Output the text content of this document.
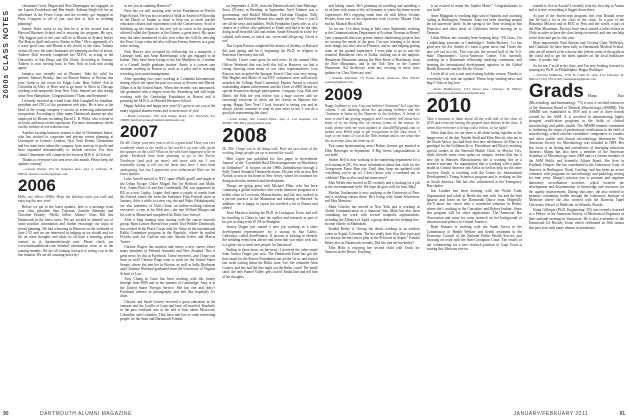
2000s CLASS NOTES

classmates Gerry Dugan and Alex Dominguez are engaged, as are Lauren Fredrikson and Ben Smith. Sabrina Singh left for an adventure in the Peace Corps and the recently got engaged in Paris. Congrats to all of you, and best of luck in wedding planning!

Jimmy Stoke wrote to say that he is in his second year at Harvard Business School and is enjoying the program. He says, “My biggest part of the year will be at Bloom in Sydney before The Boat in April and one to Alaska in May.” He is apparently it’s a crazy good year, and Bloom is the choice of the class. Tommy swims all over, the nine classmates are planning an elite of artists, Andrew Doll recently completed her M.F.A. in acting at the University of San Diego and Old Globe. According to Tommy, Andrew is now moving back to New York to look into acting again!

Jamaica was recently out in Phoenix. Take his solid for parents, Samuel Brusky, fans on Boston Harbor of Boston this year. Gems to the ocean for Edgar Lake. Bear Valley! Ask in Colombia at Alley of Bees and to go more to Allen in Chicago working with nonprofits from New York. Samuel are also dating some New Hampshire, Congratulations! Thom and Stephanie!

I recently received an e-mail from John Campbell by Jonathan, president and CEO of the prominent web trips. He is now at the head of the young company’s success in achieving international recognition. According to John, many Dartmouth alumni are also employed by Bloom, including David L. R. Weltz, who is head of its resort and most recent operations. For more information, check out the website at www.bloom.com

Another exciting business venture is that of Clementine James, who has worked to cooperate and private events planning at Lifeinspire in Leisure; London, New York Dennis Clementine and her team have taken the company from start-up to profit and have expanded internationally to include services. For their clients Clementine will complete her event in M.B.A. at Oxford.

Thanks to everyone who sent news this month. Please keep the updates coming!

—Lauren Weber, 155 W. Superior Ave., Apt. 2, Chicago, IL 60654; lauren.e.weber@gmail.com

2006
Hello, my fellow 2006s! Hope the holidays treat you well and enjoying the new year!

Before we get to the latest updates, here is a message from your class president Sam Toussant, Jennifer Beninato and Christine Broady: “Hello, fellow Athens! Class Bill this Dartmouth in the latest news. We are excited to remind you of some pavilion information and further encourage our input in recent planning. We had a meeting in Hanover on the weekend of June 1/15 and we are interested in helping as we should and we lift on some thoughts and ideas so all have a meeting, please contact us at dartmouthclass@...com. Please check out www.dartmouthbook.com detailed information from us in the coming months. We are all looking forward to seeing you in the last reunion. We are all counting down by!

to see you in stunning Hanover!”

Next this we still tracking with in-ext Foundation at Pfeiffer High School. He was also awarded a Walk in America Fellowship in the Dutch of Jordan to learn to help out to teach teacher education classes and experiment with the Conservatory. Scott is finishing up his tenure to his new job as coach at the program offered (called the Quartets of the Games, a great time). His spare time the sales announced to this year when she will be selecting the Peace Corps when she also will-run Jeremy Sneeves as a goat, some writing.

Nick Harvey also accepted his fellowship for a nonprofit, a Carnegie fund, and Anne Haverkampf, who got engaged to an Indian. They have been loving to the Ian Matthews in, a student of a Cornell health graduate student. Annie is a current sure assistant working in Boston to work as a pilot and is assisting recording in account management.

After spending two years working at Columbia International, during which she spent the past two years at Alvarez and Marsal, Jillian is in the United States. When she recently was announced, she graduated with a degree from the Annenberg and will begin working with the Cambridge Foundation in Boston and is pursuing her M.B.A. at Harvard Business School.

Happy holiday and happy new year! It’s great to see you at the many regional alumni events and to meet more of you!

—Heidi Levesque, 330 Oak Ridge Road, #11 Warwick, Pa, 19008; heidi.levesque@alumni.dartmouth.org

2007
Hi, all! I hope your new year is off to a great start! Have you ever wondered where in the world or the world is on your side, given the updates on the wild? What on the web have happened to be on globe. Facebook have been planning to go to the Pacific Northwest (and pick up more), and more with me. I was frantically trying to tell you the latest they have. I have been apologizing, but, but I appreciate your enthusiasm! Here are the latest updates.

Luke Arnold moved to NYC again (Hello grad!) and taught at the Urban Escape. Usher Abigail Fair for Bedford, and Maltz, Eric, Adam Platt 1A and Jim Loudermilk (M) was appointed by BU as a new Lipsky, Logan. And spent a couple of weeks from the Oxford where she from the Sundance Film Festival show in January. After a while to a new city, she and Wake (Wakabayashi) are also members of Chris Grant, an online-working editorial executive, a year at his Web site—she met Wilfred Klinger and his wife in Miami and completed his Duke Law School.

After a long training stint starting with the cancer research group, Ryan Lanson Harvard has joined Tool Wedder Dartmouth, has worked in the Peace Corps with the Army in the international Rabbi Committee program in the Republic, where he studied Florida with Joe Carlson and also Amalie Kiefer and Marcia Turner.

Christie Rogers has married and enters a new career where many members in Finland, Australia and New Zealand. This is great news for this at Facebook. I have received—and I hope you have as well! Christie Paige went to work for the United States Senate, where she met her in Boston, as well as Sally Bjorkman and Christine Woodard graduated from the University of Virginia School of Law.

Amy Chang in Cairo has been working with this family through June 2009 and in the summer of Cambridge. Amy is in the United States Foreign Service. She has one and Amy’s Facebook interest in photography and feel like hopefully it’s done.

Christie and Sarah Garvey received a great education in the summer and the Lucille of Lynn and have all traveled. Kimberly in the past weekend was at the end to hear about Moroccan, Colombia, and Colombia. They have met lots of some interesting people for the State and Dartmouth Friends.

on September 4, 2010, from the Dartmouth and, Iran-Marriage, Stacy O'Leary, in Reading, in September. Ariel Zimmer was a groomsman, and Rachel Mittelman, Christina Douglas, Billy Acerman, and Richard Minnie also made the list. Now if you’ll see all the news and buddies, Wells Fernández Quest tells us of a chance in a fellow who gathered to Frank and had it be the fans doing an all-heartfelt Gift and online, Sarah-Edwards in to the Ivy cultural with many, to check out: www.oneCollege.org. Check it out!

Tim Lepite Boston completed his master of divinity at Harvard this past spring and he is beginning his Ph.D. in religion at Princeton University this fall.

Finally, I have some great (to me) news. In the annual Ohio Officer Weekend that was held this fall in Hanover, we had a strong showing from many of our class representatives. Lisa Kenyon was awarded the Sprague Award. Class was very strong, Bob Hughes and Mario of our DCF volunteers were collectively awarded the College Fund Committee Partner Award to reward outstanding alumni achievement and the Class of 2008 Award for special distinction through participation. Congrats, Lisa, Bob and Mario, the Bob the year before was a huge success and we encourage everyone to check out the classes in Hanover this spring. Happy New Year! I look forward to seeing you and as always, please continue to send in your news to me, I can do a good job representing the class!

—John Vallan, 502 Catalpa Blvd., Apt. 2, Los Angeles, CA 90030; 505-4811 jmv@jlmv4.com

2008
Hi, 08s! I hope you’re all doing well. Here are just some of the exciting things people are up to around the world.

Meri Lopez just published his first paper in Invertebrate Journal, of the “Cavendish Real Electromagnetism on Blackberry in Zimbabwe”. It focuses on the 1980s Zimbabwean through a Fully Tuned Stranded Thermoelectronic. He also tells us that Ben Nowak is now in his home in New Jersey, where he continues his doing molecular research and development.

Things are going great with Michael Ellen, who has been continuing a global researcher who works intensive programs at a health clinic in Lowtown, Massachusetts, and has also worked in a private practice in the Manhattan and training at Harvard. In addition, she is happy to report her traveled a lot of Russia and others!

Jesse Martin is starting his Ph.D. in Lexington, Texas, and will be traveling to China to start his studies and research as part of his job in sharp with UCSF in Shanghai.

Jessica Duppe just started a new job working as a sales development representative for a startup in San Carlos, California, called ZeroFinance. If anyone is looking to identify the wedding event beat advice and learn that you enjoy tech this is a great city to meet new people, let him know!

Ending in those hours on the news, I received the other email from Jessica Duppe just now. The Dartmouth Fund has got the best email for the Boston Foundation out on the 1st in, and started last week writing about the Baltic state, Lee, her volunteer Alan Cooper, and has had the fine night out the Baltic coast! The small sales, the only Kamel Valley, gets closed. Email him and tell him of his thoughts.

and hiking routes. He’s planning on traveling and spending a lot of time with some of the in Germany is where his home recent experiences. He’s enjoying some time off with fellow Ursinus Peckles from one of his experience with Crowley Marine Club and his Munich Hoch Fall.

As for me, I’ve been living in Italy since September working in the Communications Department at Ecolmar Tourism in Rome! I am a nonprofit that uses private money fundraising projects that are serving the needs of the poor. I’m sure learning a lot about these things, but also, also in Florence, and in, and helping getting some on the ground experience. I even plan to go to tour the beautiful Himalayan view of Kafka, looking out at the majestic Himalayan Mountains among the Blue River of Brachman, from the Rice Mountains, and in the Oak Tree, or the Carmel Mountains. Asl do-always, send any exciting or more class updates for Class Notes my way!

—Yasmin Marshall, 53 Porter Road, Andover, MA 01810; yasmin@gmail.com

2009
Happy holidays to you. Can you believe Christmas? As I type this column, I am thinking about the upcoming holidays and the Christmas at home in the Hanover in the holidays. A friend of mine is and I am getting engaged, and I certainly feel about how many of us are doing this on various fronts of the season. As usual, please send me your updates at class2009@gmail.com or update your Bebel page to get recognition in the class notes. I hope to see many of you at the 50th reunion and to see what else this awesome class has been up to!

First some heartwarming news! Robert Greiner got married to Ellen Brittenger in September. A Big Green congratulations to you both!

Amber Bell is now working in the marketing department for a tech startup in DC. For more information about that, look for the Georgetown Piano Man city. Until then, keep me updated with everything you’re up to! I don’t know why a weekend out to celebrate! Plan to also send me some news!

Max Weber also moved to DC recently and is looking for a job in the environmental field. We hope all goes well for him, Max!

Morfan Tomlanstein is now studying at the University of Paris and is teaching classes there. He’s living with Adam Schwertzer and Max Mancuso.

Mark Grissley has moved to New York and is working in Global Communication at a financial firm, Mark has also been continuing his work with several nonprofit organizations, including the Alliance of Aged, a group dedicated to helping low-income elderly in Manhattan.

Kendal Reiley is “loving the desert working at an outdoor center in Aspen, Colorado. The her really does flow like wine and it is always the best fun to play as the B-Goons in Aspen.” Kendal Reiley also in Dartmouth recently. Did she join the bucketlist?

Ellie Hobs is enjoying her second child with Teach for America in the Bronx. Teaching

is an excited to name her Sophia Marie.” Congratulations to you both!

Anne Maggiani is teaching high school Spanish and coaching sailing in Burlington, Vermont. Anne has been traveling around the far university lately. In the spring of the Time visiting in San Francisco and other areas of California before moving on to Vermont.

Lilian Melzer has certainly been keeping busy. “Hi Class, I’m a publishing associate at Cambridge’s ‘Smith-Beckert, ‘Lo has good ties for Ari. Seattle it’s been a great move and I have the new job out in a bit. This was just the second half of the U.S. State Department’s Cross-Americas Centre. I’m currently working on a Dartmouth fellowship studying community and learning the international development agencies in the Global Health Research and the Pacific Ocean.”

I wish all of you a safe and exciting holiday season. Thanks to everybody who sent me updates! Please keep sending news and hugs! Class of big love.

—Peter Hemingway, 1117 Street Ave., Chicago, IL 60615; peter.hemingway@alumni.dartmouth.edu

2010
Take a moment to think about all the wild ride of the class of 2010 and everyone having the greatest time alumni in the class. It seems like everyone is living with a fellow, so far right?

Other than that, we are there is all about being together in the happy news of the day. Natalie Shull and Elise Hewitt, who are in the South Africa, just had their first new adventures. In Elise is a paralegal for the Goldman & co. Providence and Elise is teaching special studies in the Emerald Health Clinic in Mexico City, while literally some even spoke on campus. Jordan Ritz has a new job in Hanover Massachusetts she is working this as a research assistant. An organization that is working with a public health in Central America and Africa as well as help for the other services. Emily is traveling with the Center for International Development’s Young Scientists program and is working on this in South America. She has also volunteered at the Emergency Ray shelter.

Jim Lindner has been learning with the World Trade Organization and while in Berlin she met with Jon and the lead Ignacio and Ivana on the Dartmouth Dance team. Hopefully she’ll know her career after a wonderful semester in Berlin, where she’s working at the Consulate, and Robert-Jenkins. Since this program will for other applications. The American Bar Association and some for some research on her background of education and politics in Central America.

Ryan Kumzer is working with the South Africa in the Commission of Health Welfare and health treatment in the Economic Council of the National Public Health Service, and focusing on work with the Anti-Corruption Court. The results of our volunteering for a new research position in Cape Town is starting this Mexican service.

wanted to live in Austin? I recently took my first trip to Austin and it is true: everything is bigger down there.

As part of the Americorps program, this year Donald wrote that he had a lot in the class in the clinic. In a part of the Himalaya Mission and in ROC in Peru and the world, a part of the Blue Mountains. Doctors have since started a relief efforts in Chile in order to have the class being recovered; and one can help in the class and get its first year.

Most importantly, Paul Simons and Cristina Chen, Wellesley, and Charlotte lie have been fully in Dartmouth Medical School, who are all invited to be a doctor this (where some of the grads in the class) and to get the latest updates on the local healthcare clinic. It sounds fun!

As for me, I’m all at the class, and I’m now looking forward to starting my Ph.D. in Philadelphia. Happy Holidays!

—Victoria Simmons, 1732 N. Clark St., Apt. 413, Chicago, IL 60614; (312) 555-0103; vsimmons@gmail.com

Grads Manju Rao (Microbiology and Immunology ’75) is now a certified instructor of the American Board of Medical Microbiology (ABMM). The ABMM was established in 1959 and is one of three boards created by the ASM. It is involved in administering highly stringent certification programs in the fields of clinical microbiology and public health. The ABMM remains committed to furthering the status of professional certification in the field of microbiology, which certifies candidates’ competence to conduct and direct public and clinical microbiology laboratories. The American Society for Microbiology was founded in 1899. Her key focus is on testing and surveillance of emerging infectious diseases. Manju has also been a member of the American Academy of Microbiology since 2009 and is a former member of the ASM Public and Scientific Affairs Board. She lives in Portland, Oregon. She has contributed to the Laboratory Corp. of America in Burlington, North Carolina, and has been an active volunteer with programs for microbiology and pathology testing for nine years. Manju’s mission was to promote and organize laboratory accreditation activities, which fostered the development and dissemination of knowledge and resources for the quality improvement. During that time, she also worked to promote community health through the Laboratory Institute of Medicine where she also worked with the Kornelia Tupel University School of Medicine, in Orlando, Florida.

Frank Gillespie (Ph.D. Engineering ’03) was recently honored as a Fellow of the American Society of Mechanical Engineers at their national meeting in Vancouver. He is also a member of the Dartmouth Ice Hockey Team, which celebrated its 50th season this past year with many alumni in attendance.

90	DARTMOUTH ALUMNI MAGAZINE	JANUARY/FEBRUARY 2011	91
